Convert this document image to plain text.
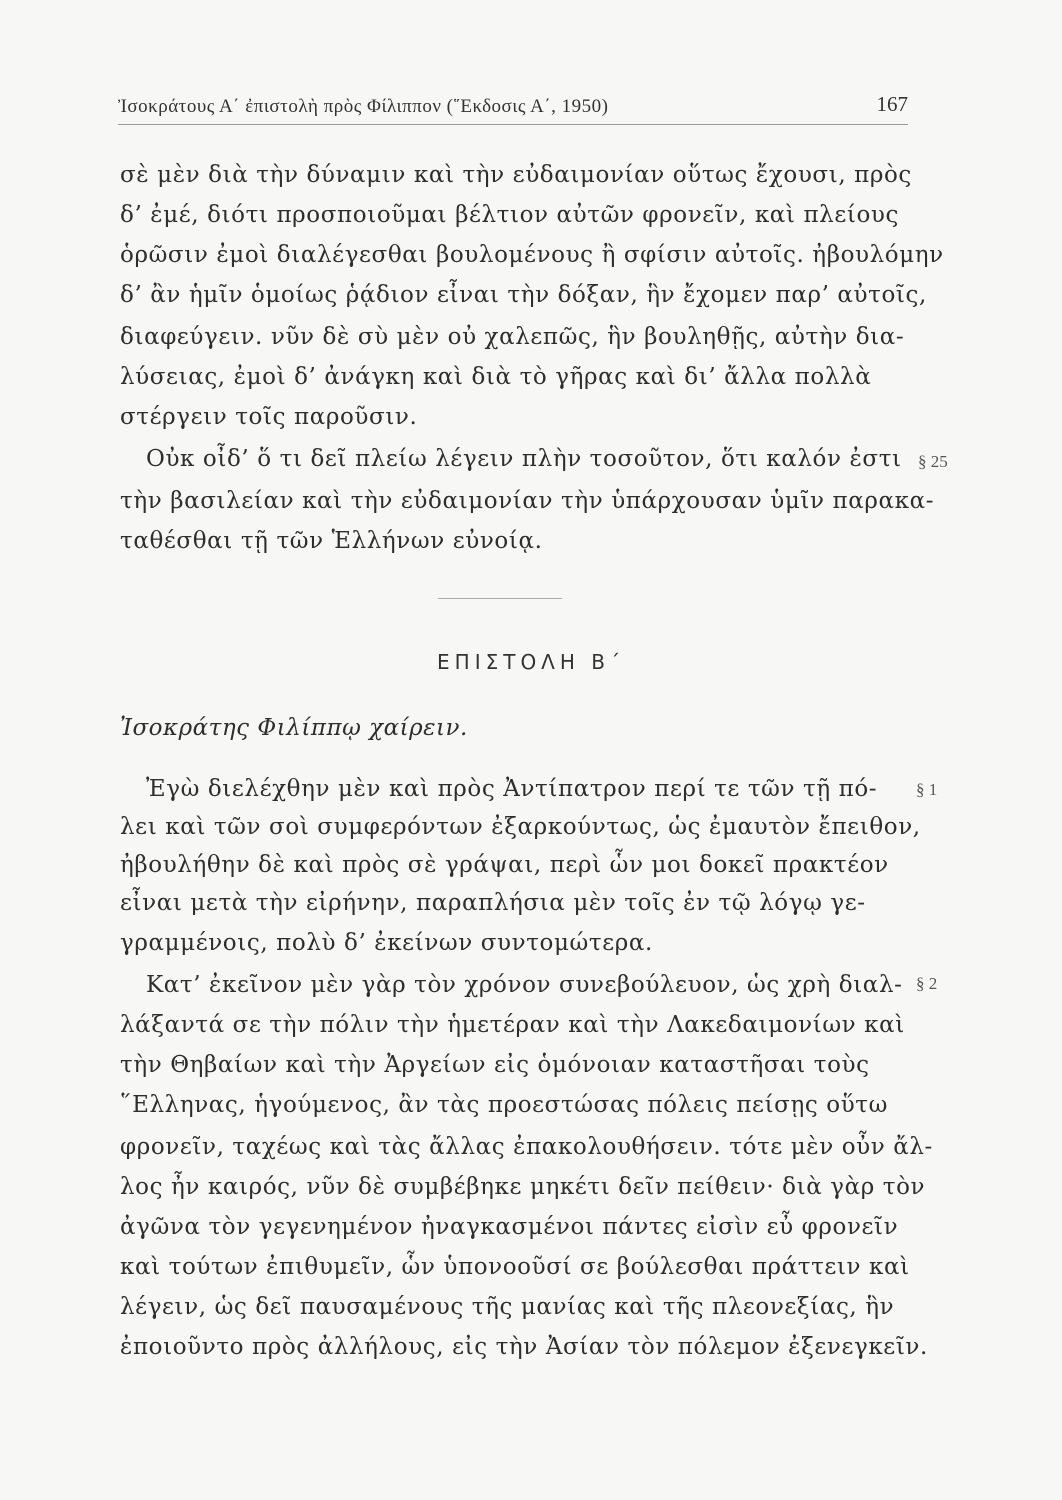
Ἰσοκράτους Α΄ ἐπιστολὴ πρὸς Φίλιππον (῞Εκδοσις Α΄, 1950)	167
σὲ μὲν διὰ τὴν δύναμιν καὶ τὴν εὐδαιμονίαν οὕτως ἔχουσι, πρὸς
δ’ ἐμέ, διότι προσποιοῦμαι βέλτιον αὐτῶν φρονεῖν, καὶ πλείους
ὁρῶσιν ἐμοὶ διαλέγεσθαι βουλομένους ἢ σφίσιν αὐτοῖς. ἠβουλόμην
δ’ ἂν ἡμῖν ὁμοίως ῥᾴδιον εἶναι τὴν δόξαν, ἣν ἔχομεν παρ’ αὐτοῖς,
διαφεύγειν. νῦν δὲ σὺ μὲν οὐ χαλεπῶς, ἣν βουληθῇς, αὐτὴν δια-
λύσειας, ἐμοὶ δ’ ἀνάγκη καὶ διὰ τὸ γῆρας καὶ δι’ ἄλλα πολλὰ
στέργειν τοῖς παροῦσιν.
Οὐκ οἶδ’ ὅ τι δεῖ πλείω λέγειν πλὴν τοσοῦτον, ὅτι καλόν ἐστι § 25
τὴν βασιλείαν καὶ τὴν εὐδαιμονίαν τὴν ὑπάρχουσαν ὑμῖν παρακα-
ταθέσθαι τῇ τῶν Ἑλλήνων εὐνοίᾳ.
ΕΠΙΣΤΟΛΗ Β΄
Ἰσοκράτης Φιλίππῳ χαίρειν.
Ἐγὼ διελέχθην μὲν καὶ πρὸς Ἀντίπατρον περί τε τῶν τῇ πό- § 1
λει καὶ τῶν σοὶ συμφερόντων ἐξαρκούντως, ὡς ἐμαυτὸν ἔπειθον,
ἠβουλήθην δὲ καὶ πρὸς σὲ γράψαι, περὶ ὧν μοι δοκεῖ πρακτέον
εἶναι μετὰ τὴν εἰρήνην, παραπλήσια μὲν τοῖς ἐν τῷ λόγῳ γε-
γραμμένοις, πολὺ δ’ ἐκείνων συντομώτερα.
Κατ’ ἐκεῖνον μὲν γὰρ τὸν χρόνον συνεβούλευον, ὡς χρὴ διαλ- § 2
λάξαντά σε τὴν πόλιν τὴν ἡμετέραν καὶ τὴν Λακεδαιμονίων καὶ
τὴν Θηβαίων καὶ τὴν Ἀργείων εἰς ὁμόνοιαν καταστῆσαι τοὺς
῞Ελληνας, ἡγούμενος, ἂν τὰς προεστώσας πόλεις πείσῃς οὕτω
φρονεῖν, ταχέως καὶ τὰς ἄλλας ἐπακολουθήσειν. τότε μὲν οὖν ἄλ-
λος ἦν καιρός, νῦν δὲ συμβέβηκε μηκέτι δεῖν πείθειν· διὰ γὰρ τὸν
ἀγῶνα τὸν γεγενημένον ἠναγκασμένοι πάντες εἰσὶν εὖ φρονεῖν
καὶ τούτων ἐπιθυμεῖν, ὧν ὑπονοοῦσί σε βούλεσθαι πράττειν καὶ
λέγειν, ὡς δεῖ παυσαμένους τῆς μανίας καὶ τῆς πλεονεξίας, ἣν
ἐποιοῦντο πρὸς ἀλλήλους, εἰς τὴν Ἀσίαν τὸν πόλεμον ἐξενεγκεῖν.
